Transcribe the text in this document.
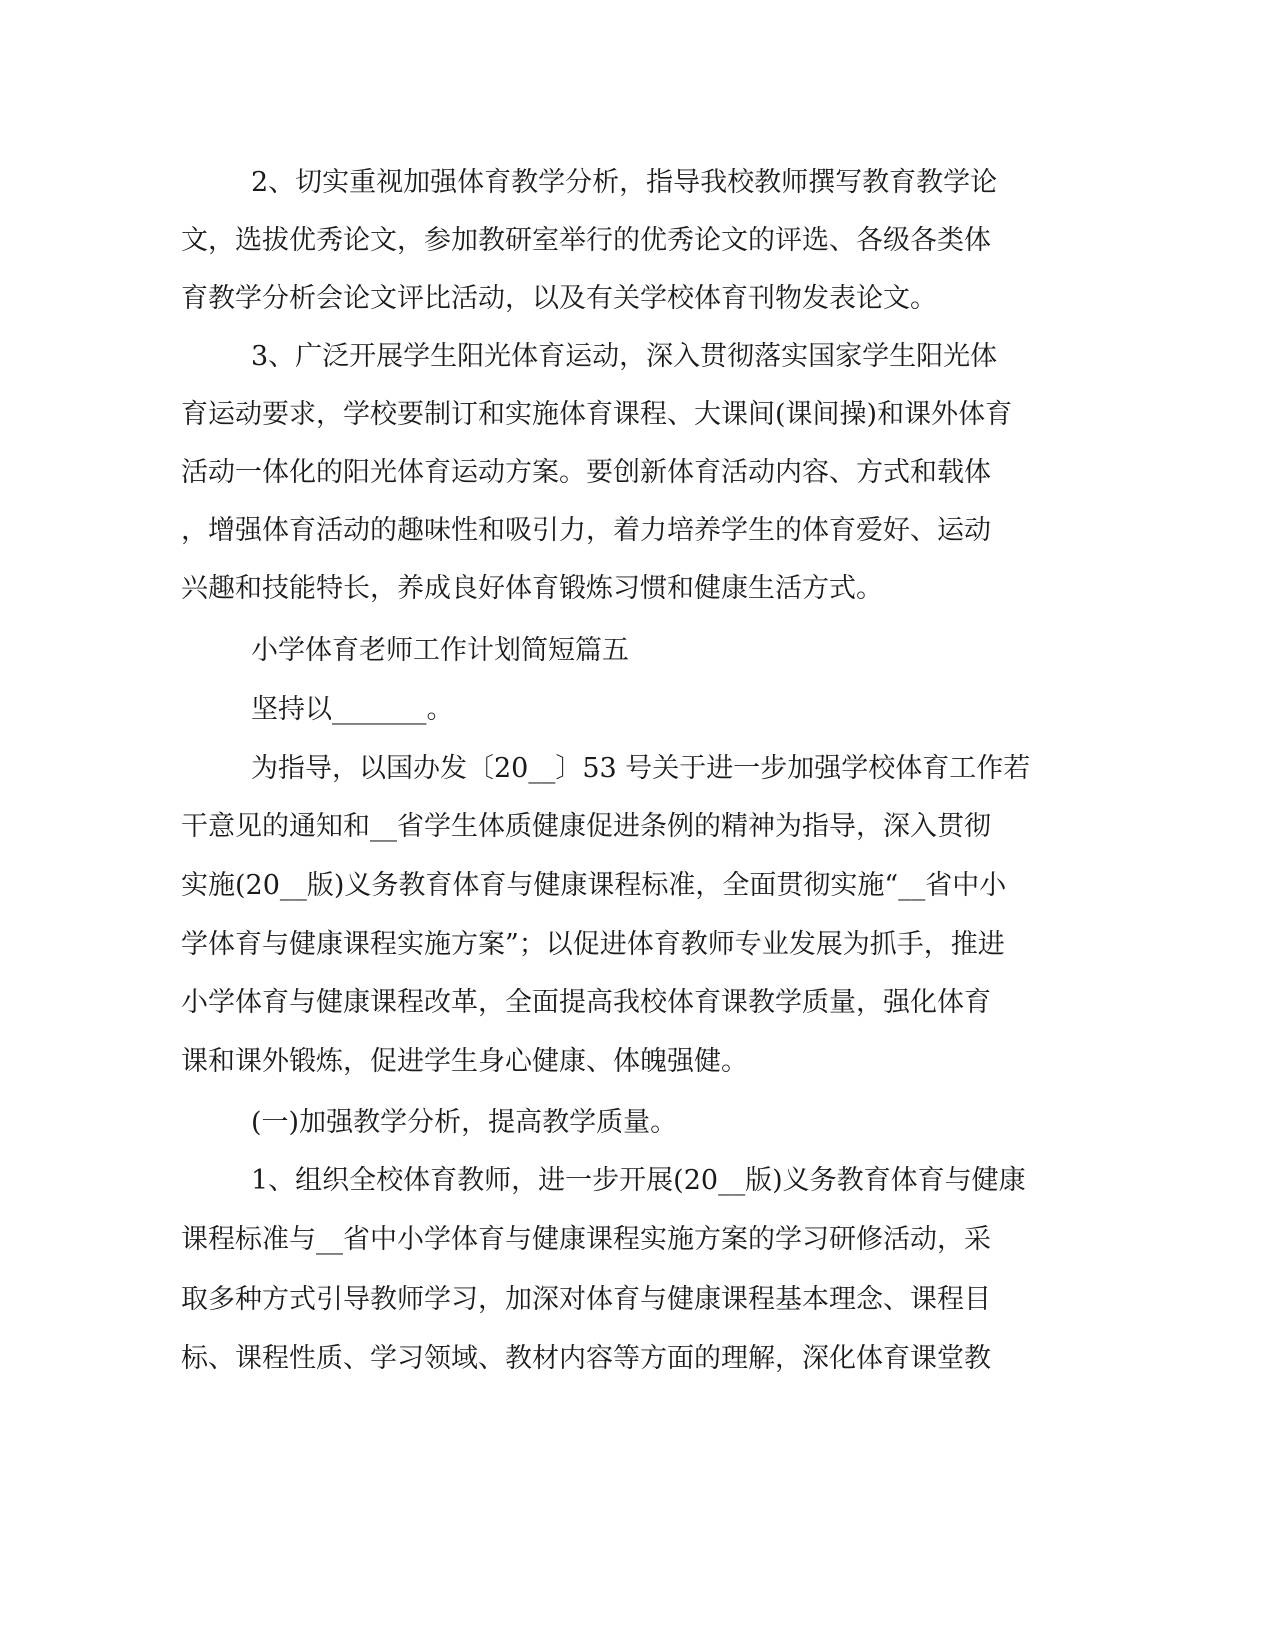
2、切实重视加强体育教学分析，指导我校教师撰写教育教学论

文，选拔优秀论文，参加教研室举行的优秀论文的评选、各级各类体

育教学分析会论文评比活动，以及有关学校体育刊物发表论文。

3、广泛开展学生阳光体育运动，深入贯彻落实国家学生阳光体

育运动要求，学校要制订和实施体育课程、大课间(课间操)和课外体育

活动一体化的阳光体育运动方案。要创新体育活动内容、方式和载体

，增强体育活动的趣味性和吸引力，着力培养学生的体育爱好、运动

兴趣和技能特长，养成良好体育锻炼习惯和健康生活方式。

小学体育老师工作计划简短篇五

坚持以_______。

为指导，以国办发〔20__〕53 号关于进一步加强学校体育工作若

干意见的通知和__省学生体质健康促进条例的精神为指导，深入贯彻

实施(20__版)义务教育体育与健康课程标准，全面贯彻实施“__省中小

学体育与健康课程实施方案”；以促进体育教师专业发展为抓手，推进

小学体育与健康课程改革，全面提高我校体育课教学质量，强化体育

课和课外锻炼，促进学生身心健康、体魄强健。

(一)加强教学分析，提高教学质量。

1、组织全校体育教师，进一步开展(20__版)义务教育体育与健康

课程标准与__省中小学体育与健康课程实施方案的学习研修活动，采

取多种方式引导教师学习，加深对体育与健康课程基本理念、课程目

标、课程性质、学习领域、教材内容等方面的理解，深化体育课堂教
